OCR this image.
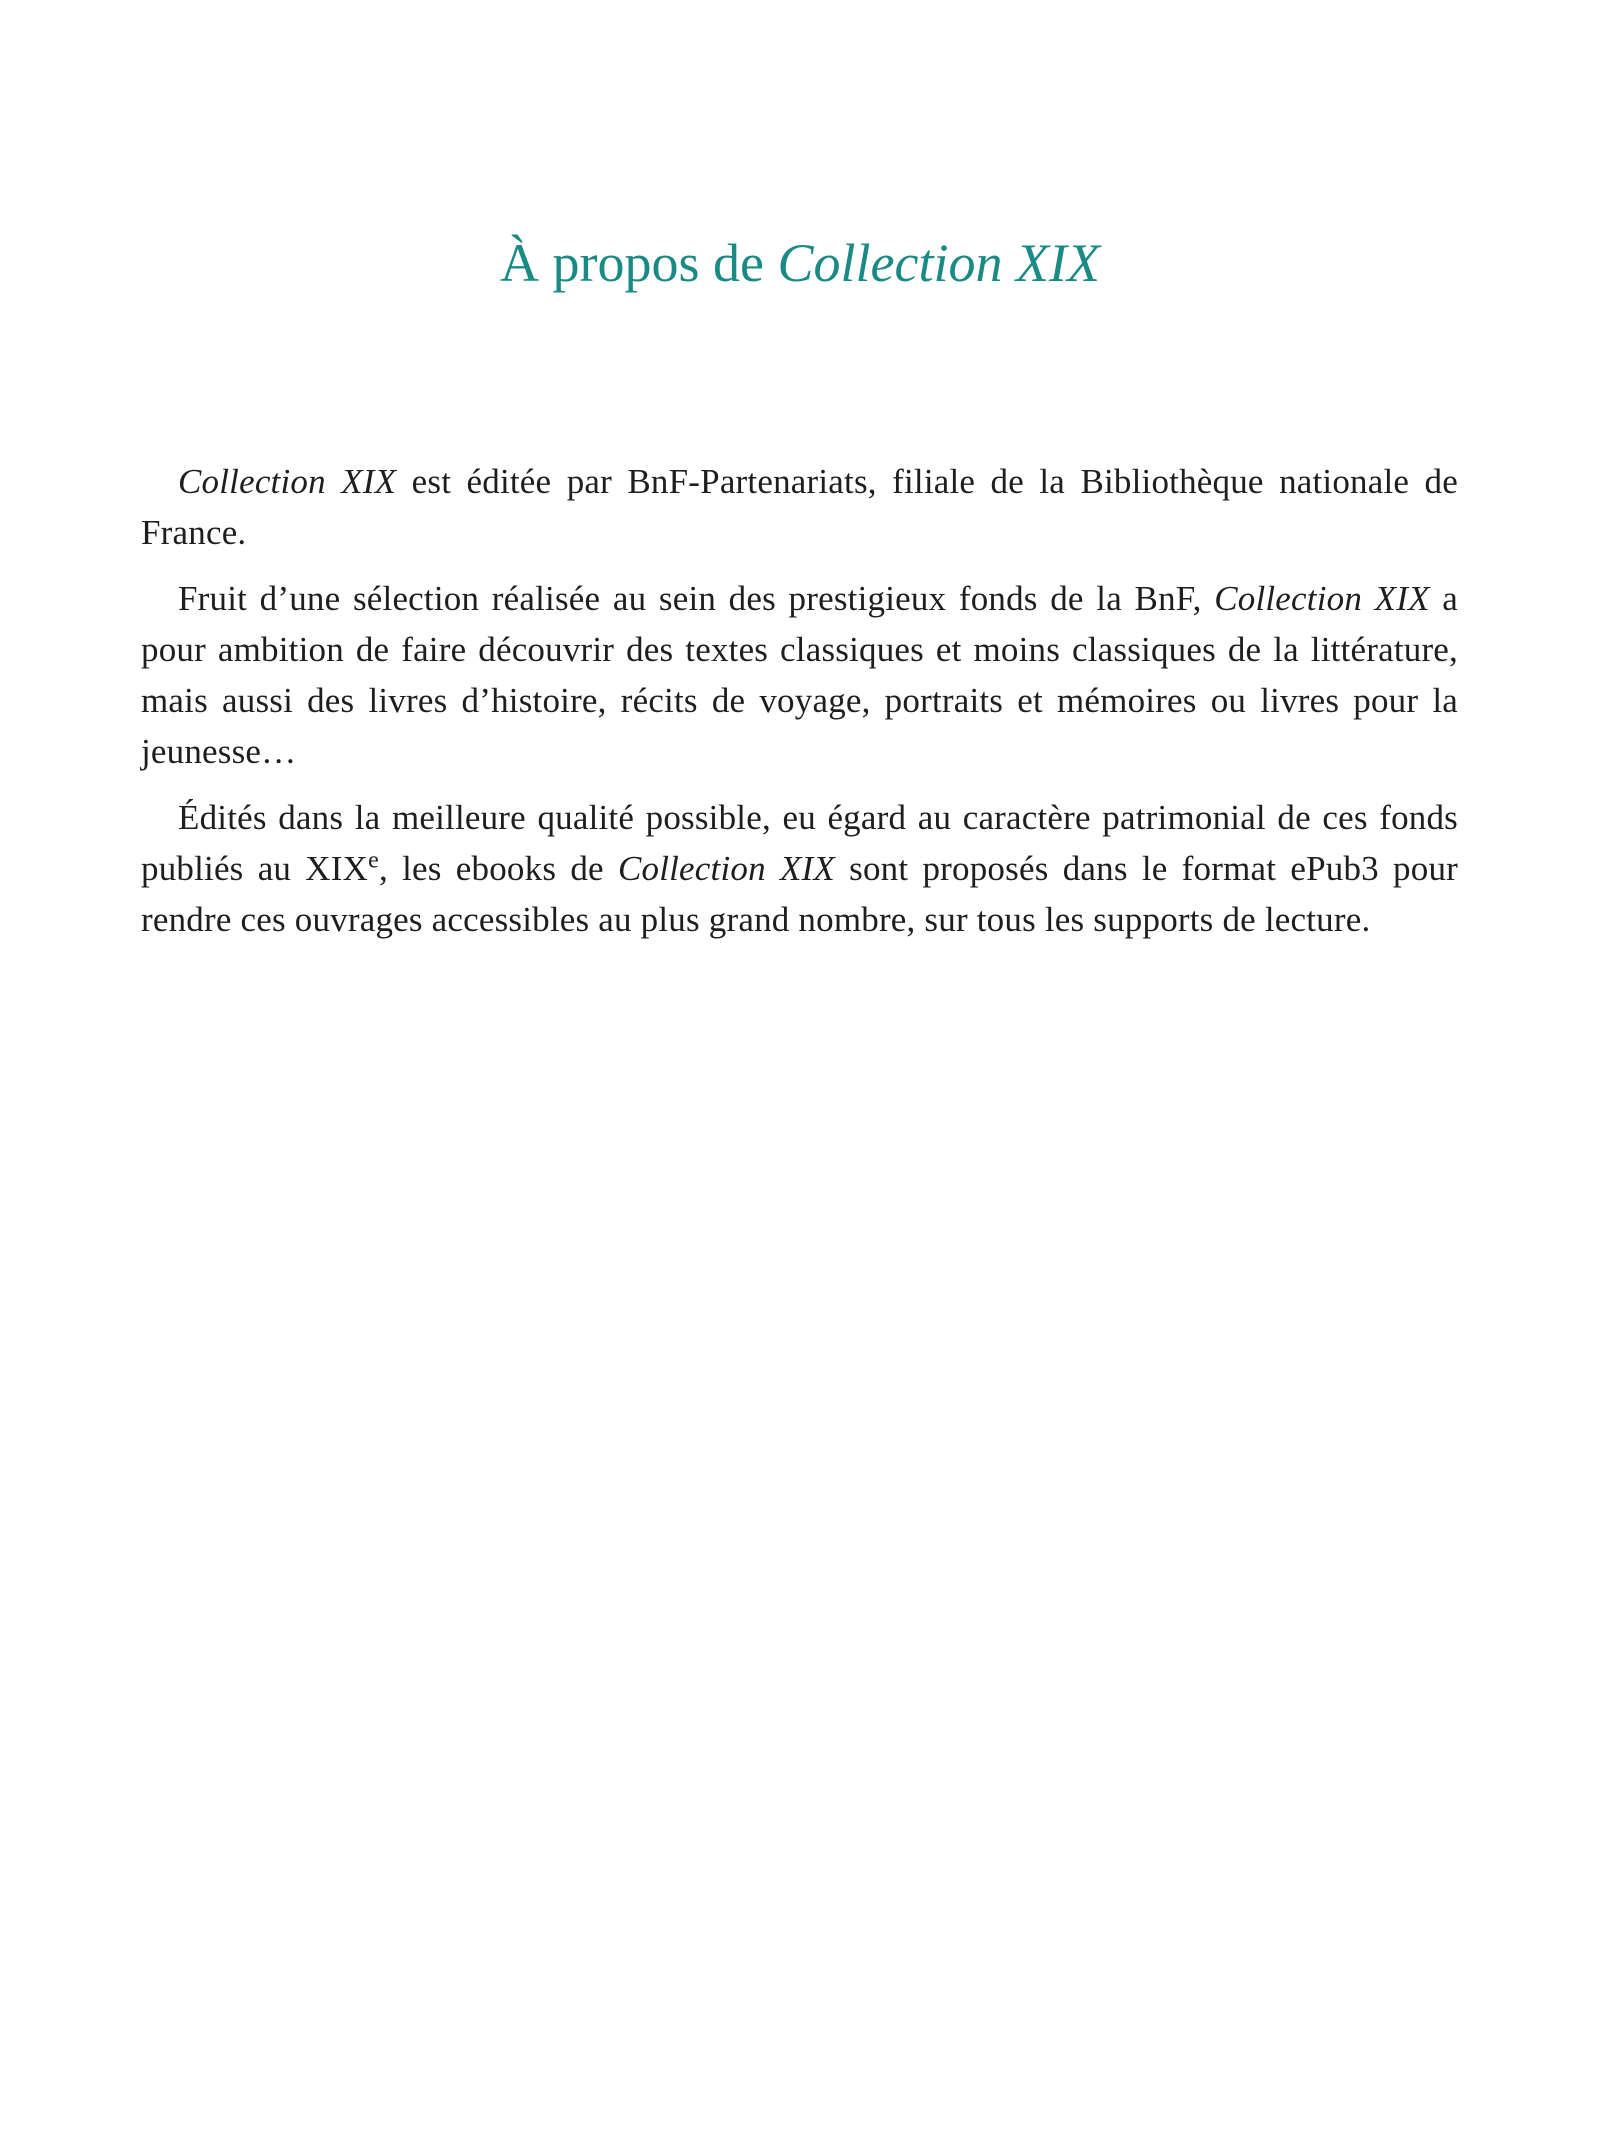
À propos de Collection XIX

Collection XIX est éditée par BnF-Partenariats, filiale de la Bibliothèque nationale de France.

Fruit d’une sélection réalisée au sein des prestigieux fonds de la BnF, Collection XIX a pour ambition de faire découvrir des textes classiques et moins classiques de la littérature, mais aussi des livres d’histoire, récits de voyage, portraits et mémoires ou livres pour la jeunesse…

Édités dans la meilleure qualité possible, eu égard au caractère patrimonial de ces fonds publiés au XIXe, les ebooks de Collection XIX sont proposés dans le format ePub3 pour rendre ces ouvrages accessibles au plus grand nombre, sur tous les supports de lecture.
